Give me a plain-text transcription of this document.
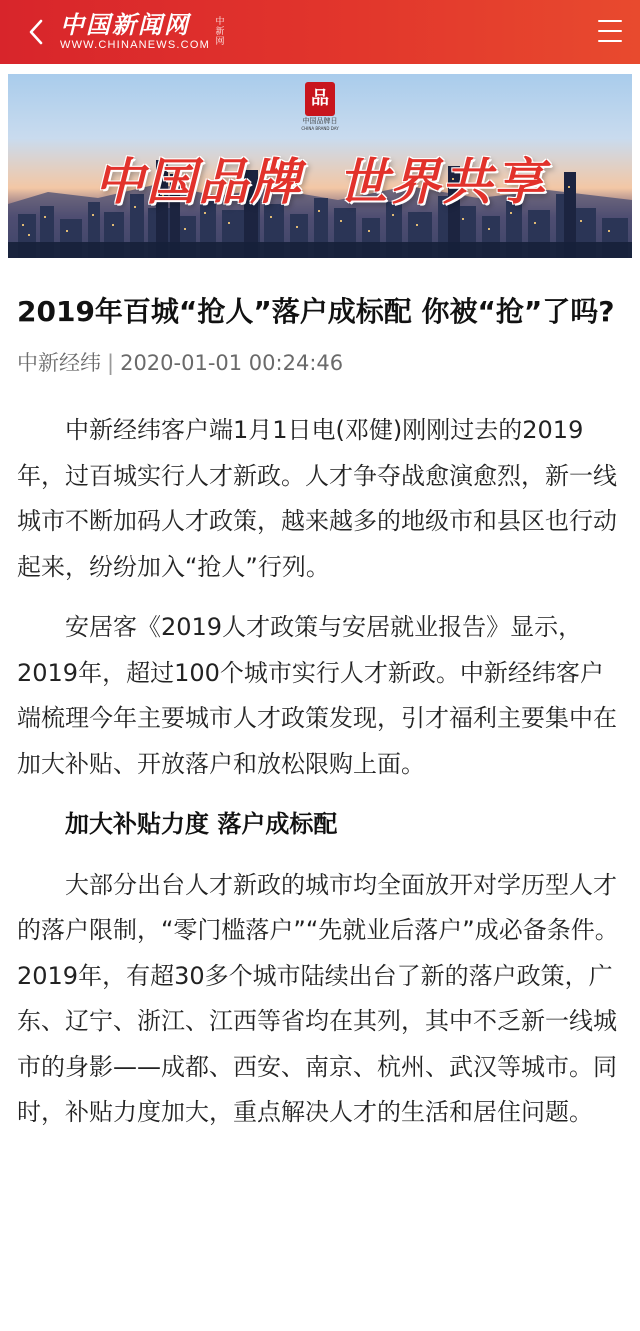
中国新闻网
WWW.CHINANEWS.COM
中新网
品
中国品牌日
CHINA BRAND DAY
中国品牌 世界共享
2019年百城“抢人”落户成标配 你被“抢”了吗?
中新经纬 | 2020-01-01 00:24:46

中新经纬客户端1月1日电(邓健)刚刚过去的2019年，过百城实行人才新政。人才争夺战愈演愈烈，新一线城市不断加码人才政策，越来越多的地级市和县区也行动起来，纷纷加入“抢人”行列。

安居客《2019人才政策与安居就业报告》显示，2019年，超过100个城市实行人才新政。中新经纬客户端梳理今年主要城市人才政策发现，引才福利主要集中在加大补贴、开放落户和放松限购上面。

加大补贴力度 落户成标配

大部分出台人才新政的城市均全面放开对学历型人才的落户限制，“零门槛落户”“先就业后落户”成必备条件。2019年，有超30多个城市陆续出台了新的落户政策，广东、辽宁、浙江、江西等省均在其列，其中不乏新一线城市的身影——成都、西安、南京、杭州、武汉等城市。同时，补贴力度加大，重点解决人才的生活和居住问题。
